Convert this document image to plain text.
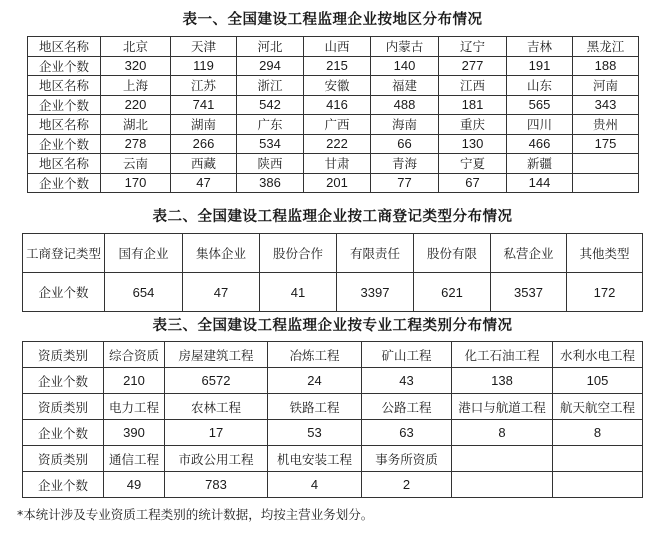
表一、全国建设工程监理企业按地区分布情况
地区名称	北京	天津	河北	山西	内蒙古	辽宁	吉林	黑龙江
企业个数	320	119	294	215	140	277	191	188
地区名称	上海	江苏	浙江	安徽	福建	江西	山东	河南
企业个数	220	741	542	416	488	181	565	343
地区名称	湖北	湖南	广东	广西	海南	重庆	四川	贵州
企业个数	278	266	534	222	66	130	466	175
地区名称	云南	西藏	陕西	甘肃	青海	宁夏	新疆	
企业个数	170	47	386	201	77	67	144	
表二、全国建设工程监理企业按工商登记类型分布情况
工商登记类型	国有企业	集体企业	股份合作	有限责任	股份有限	私营企业	其他类型
企业个数	654	47	41	3397	621	3537	172
表三、全国建设工程监理企业按专业工程类别分布情况
资质类别	综合资质	房屋建筑工程	冶炼工程	矿山工程	化工石油工程	水利水电工程
企业个数	210	6572	24	43	138	105
资质类别	电力工程	农林工程	铁路工程	公路工程	港口与航道工程	航天航空工程
企业个数	390	17	53	63	8	8
资质类别	通信工程	市政公用工程	机电安装工程	事务所资质		
企业个数	49	783	4	2		
*本统计涉及专业资质工程类别的统计数据，均按主营业务划分。
